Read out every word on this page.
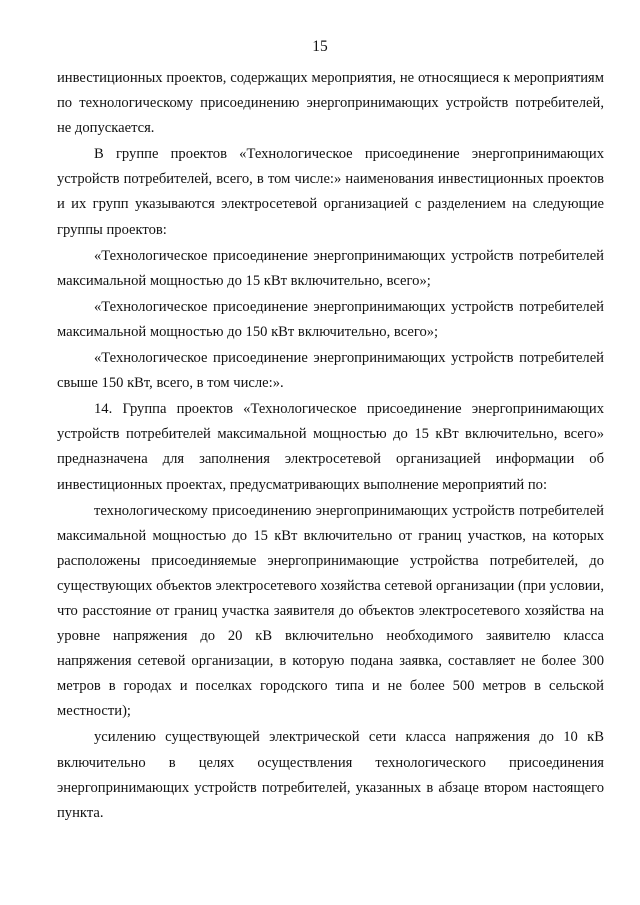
15

инвестиционных проектов, содержащих мероприятия, не относящиеся к мероприятиям по технологическому присоединению энергопринимающих устройств потребителей, не допускается.

В группе проектов «Технологическое присоединение энергопринимающих устройств потребителей, всего, в том числе:» наименования инвестиционных проектов и их групп указываются электросетевой организацией с разделением на следующие группы проектов:

«Технологическое присоединение энергопринимающих устройств потребителей максимальной мощностью до 15 кВт включительно, всего»;

«Технологическое присоединение энергопринимающих устройств потребителей максимальной мощностью до 150 кВт включительно, всего»;

«Технологическое присоединение энергопринимающих устройств потребителей свыше 150 кВт, всего, в том числе:».

14. Группа проектов «Технологическое присоединение энергопринимающих устройств потребителей максимальной мощностью до 15 кВт включительно, всего» предназначена для заполнения электросетевой организацией информации об инвестиционных проектах, предусматривающих выполнение мероприятий по:

технологическому присоединению энергопринимающих устройств потребителей максимальной мощностью до 15 кВт включительно от границ участков, на которых расположены присоединяемые энергопринимающие устройства потребителей, до существующих объектов электросетевого хозяйства сетевой организации (при условии, что расстояние от границ участка заявителя до объектов электросетевого хозяйства на уровне напряжения до 20 кВ включительно необходимого заявителю класса напряжения сетевой организации, в которую подана заявка, составляет не более 300 метров в городах и поселках городского типа и не более 500 метров в сельской местности);

усилению существующей электрической сети класса напряжения до 10 кВ включительно в целях осуществления технологического присоединения энергопринимающих устройств потребителей, указанных в абзаце втором настоящего пункта.
